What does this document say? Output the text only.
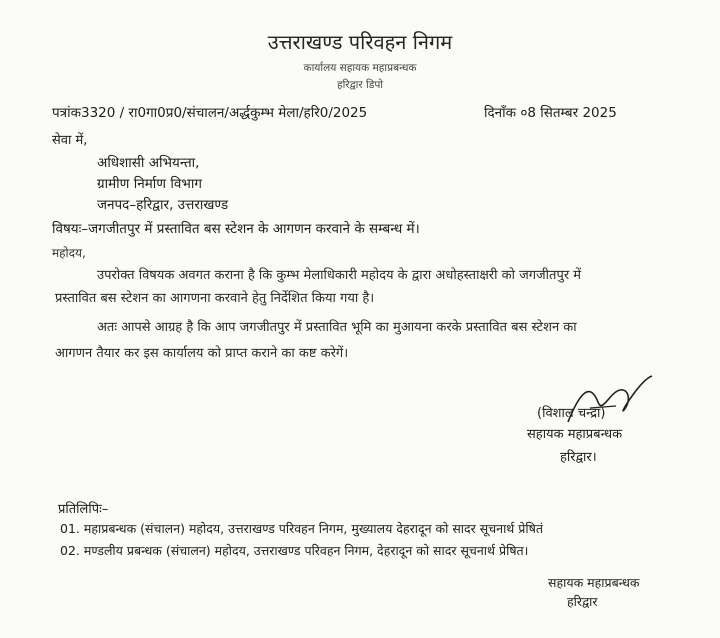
उत्तराखण्ड परिवहन निगम
कार्यालय सहायक महाप्रबन्धक
हरिद्वार डिपो
पत्रांक3320 / रा0गा0प्र0/संचालन/अर्द्धकुम्भ मेला/हरि0/2025	दिनाँक ०8 सितम्बर 2025
सेवा में,
अधिशासी अभियन्ता,
ग्रामीण निर्माण विभाग
जनपद–हरिद्वार, उत्तराखण्ड
विषयः–जगजीतपुर में प्रस्तावित बस स्टेशन के आगणन करवाने के सम्बन्ध में।
महोदय,
उपरोक्त विषयक अवगत कराना है कि कुम्भ मेलाधिकारी महोदय के द्वारा अधोहस्ताक्षरी को जगजीतपुर में
प्रस्तावित बस स्टेशन का आगणना करवाने हेतु निर्देशित किया गया है।
अतः आपसे आग्रह है कि आप जगजीतपुर में प्रस्तावित भूमि का मुआयना करके प्रस्तावित बस स्टेशन का
आगणन तैयार कर इस कार्यालय को प्राप्त कराने का कष्ट करेगें।
(विशाल चन्द्रा)
सहायक महाप्रबन्धक
हरिद्वार।
प्रतिलिपिः–
01. महाप्रबन्धक (संचालन) महोदय, उत्तराखण्ड परिवहन निगम, मुख्यालय देहरादून को सादर सूचनार्थ प्रेषितं
02. मण्डलीय प्रबन्धक (संचालन) महोदय, उत्तराखण्ड परिवहन निगम, देहरादून को सादर सूचनार्थ प्रेषित।
सहायक महाप्रबन्धक
हरिद्वार
